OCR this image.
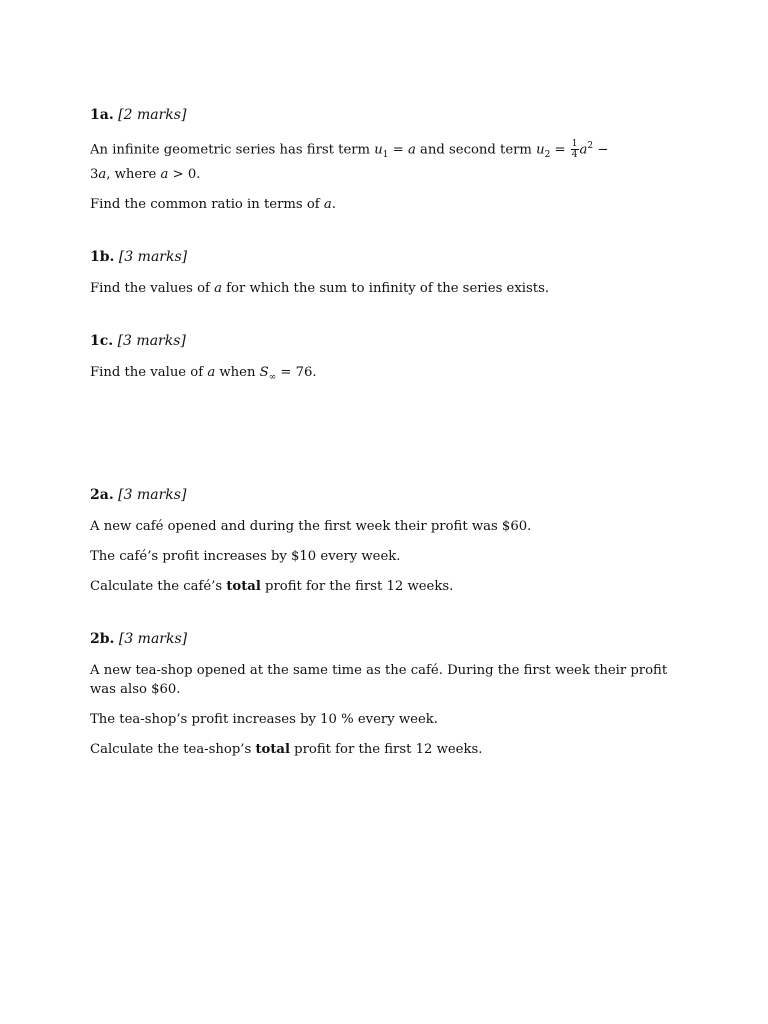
1a. [2 marks]
An infinite geometric series has first term $u_1 = a$ and second term $u_2 = \frac{1}{4} a^2$ −
3a, where a > 0.
Find the common ratio in terms of a.
1b. [3 marks]
Find the values of a for which the sum to infinity of the series exists.
1c. [3 marks]
Find the value of a when $S_\infty = 76$.
2a. [3 marks]
A new café opened and during the first week their profit was $60.
The café’s profit increases by $10 every week.
Calculate the café’s total profit for the first 12 weeks.
2b. [3 marks]
A new tea-shop opened at the same time as the café. During the first week their profit was also $60.
The tea-shop’s profit increases by 10 % every week.
Calculate the tea-shop’s total profit for the first 12 weeks.
